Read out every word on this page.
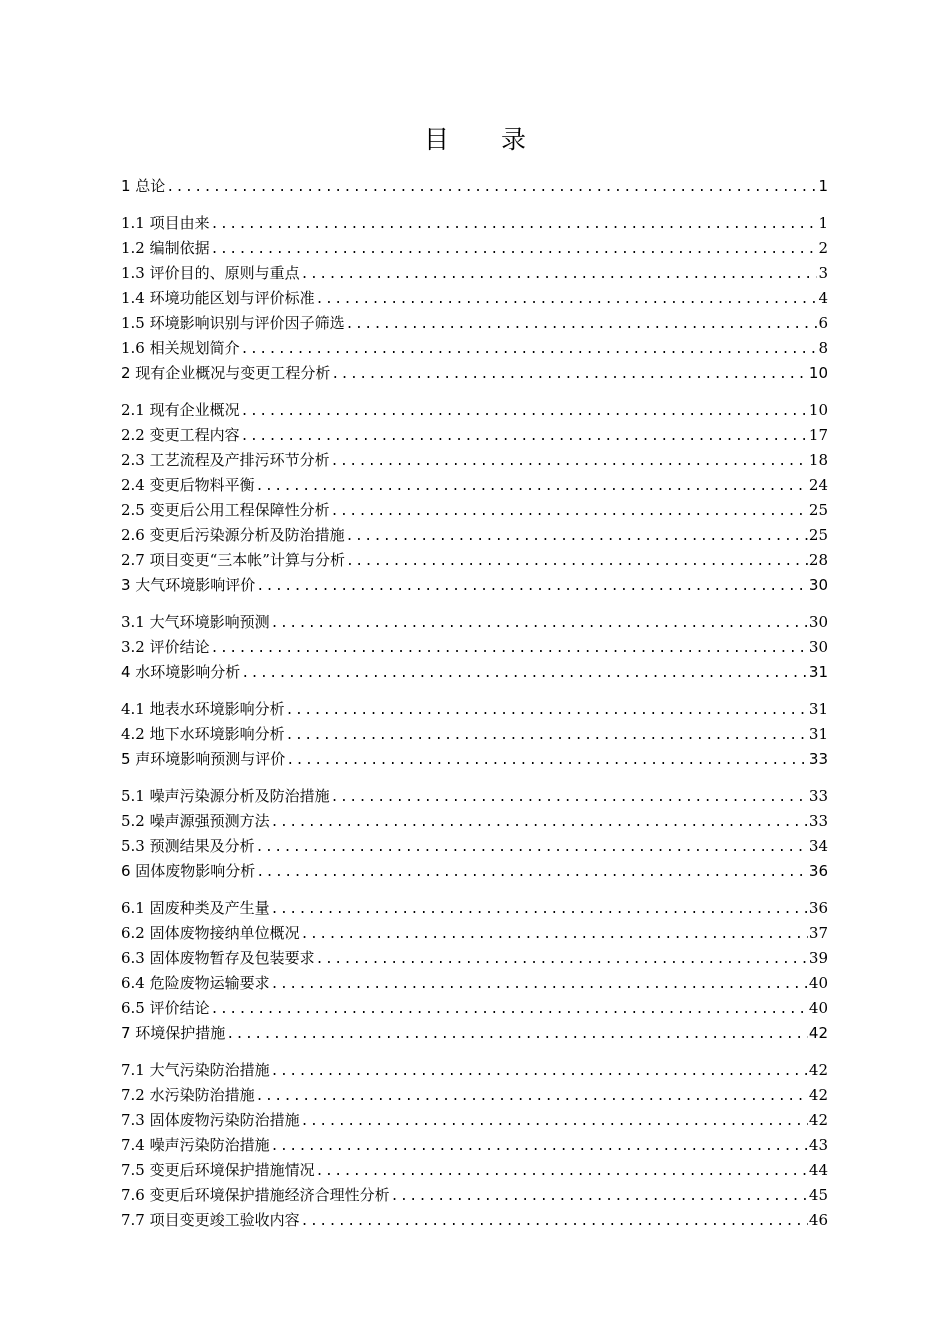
目 录
1 总论 .....	1
1.1 项目由来 .....	1
1.2 编制依据 .....	2
1.3 评价目的、原则与重点 .....	3
1.4 环境功能区划与评价标准 .....	4
1.5 环境影响识别与评价因子筛选 .....	6
1.6 相关规划简介 .....	8
2 现有企业概况与变更工程分析 .....	10
2.1 现有企业概况 .....	10
2.2 变更工程内容 .....	17
2.3 工艺流程及产排污环节分析 .....	18
2.4 变更后物料平衡 .....	24
2.5 变更后公用工程保障性分析 .....	25
2.6 变更后污染源分析及防治措施 .....	25
2.7 项目变更“三本帐”计算与分析 .....	28
3 大气环境影响评价 .....	30
3.1 大气环境影响预测 .....	30
3.2 评价结论 .....	30
4 水环境影响分析 .....	31
4.1 地表水环境影响分析 .....	31
4.2 地下水环境影响分析 .....	31
5 声环境影响预测与评价 .....	33
5.1 噪声污染源分析及防治措施 .....	33
5.2 噪声源强预测方法 .....	33
5.3 预测结果及分析 .....	34
6 固体废物影响分析 .....	36
6.1 固废种类及产生量 .....	36
6.2 固体废物接纳单位概况 .....	37
6.3 固体废物暂存及包装要求 .....	39
6.4 危险废物运输要求 .....	40
6.5 评价结论 .....	40
7 环境保护措施 .....	42
7.1 大气污染防治措施 .....	42
7.2 水污染防治措施 .....	42
7.3 固体废物污染防治措施 .....	42
7.4 噪声污染防治措施 .....	43
7.5 变更后环境保护措施情况 .....	44
7.6 变更后环境保护措施经济合理性分析 .....	45
7.7 项目变更竣工验收内容 .....	46
